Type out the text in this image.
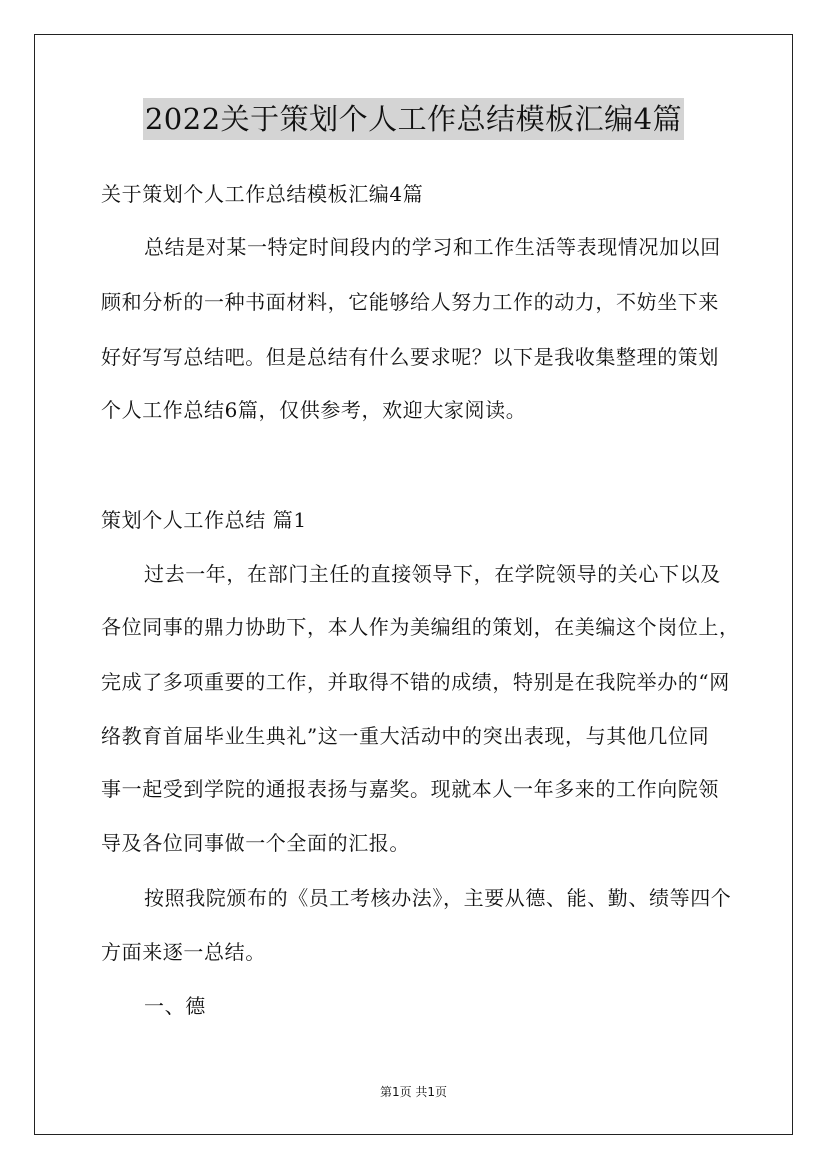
2022关于策划个人工作总结模板汇编4篇
关于策划个人工作总结模板汇编4篇
总结是对某一特定时间段内的学习和工作生活等表现情况加以回
顾和分析的一种书面材料，它能够给人努力工作的动力，不妨坐下来
好好写写总结吧。但是总结有什么要求呢？以下是我收集整理的策划
个人工作总结6篇，仅供参考，欢迎大家阅读。
策划个人工作总结 篇1
过去一年，在部门主任的直接领导下，在学院领导的关心下以及
各位同事的鼎力协助下，本人作为美编组的策划，在美编这个岗位上，
完成了多项重要的工作，并取得不错的成绩，特别是在我院举办的“网
络教育首届毕业生典礼”这一重大活动中的突出表现，与其他几位同
事一起受到学院的通报表扬与嘉奖。现就本人一年多来的工作向院领
导及各位同事做一个全面的汇报。
按照我院颁布的《员工考核办法》，主要从德、能、勤、绩等四个
方面来逐一总结。
一、德
第1页 共1页
